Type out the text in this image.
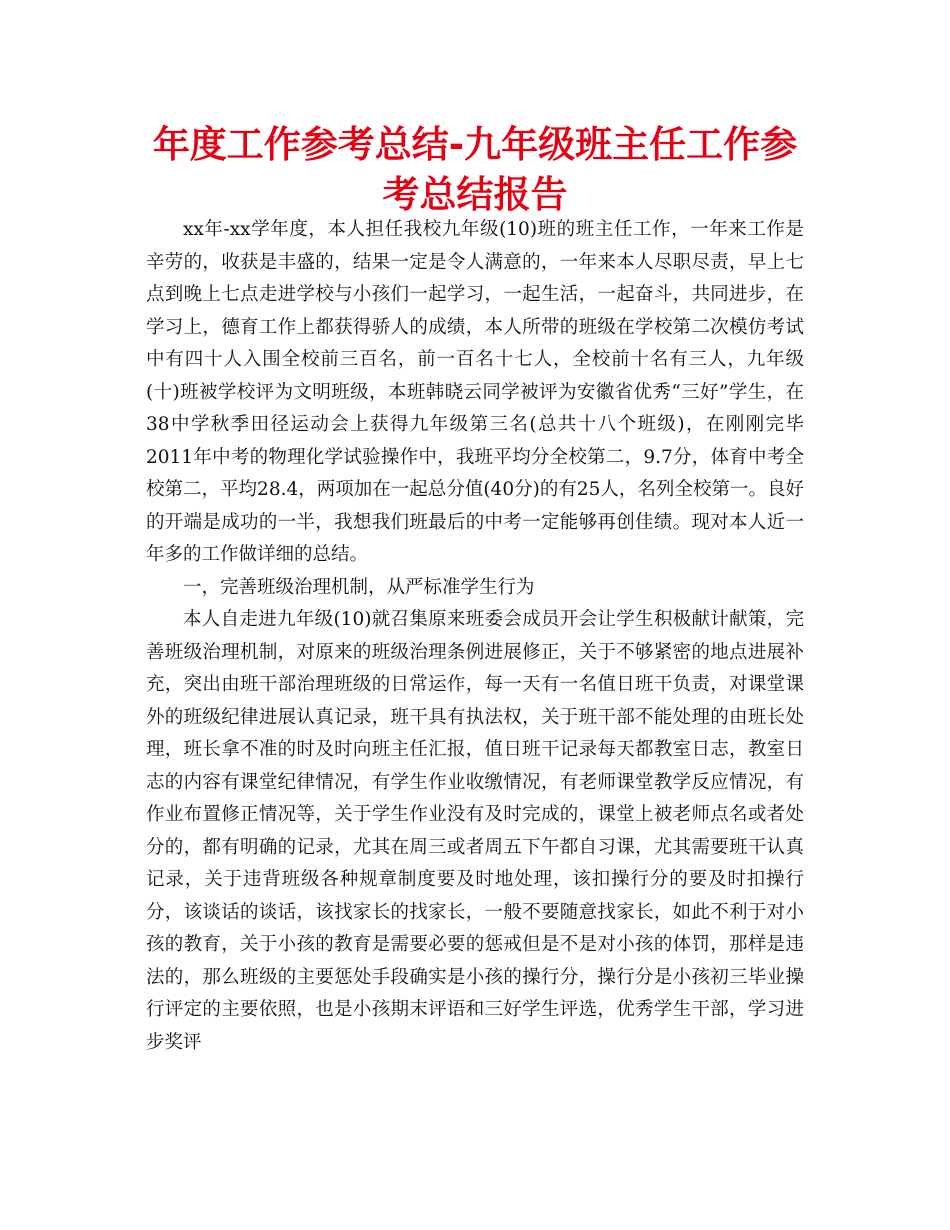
年度工作参考总结-九年级班主任工作参考总结报告

xx年-xx学年度，本人担任我校九年级(10)班的班主任工作，一年来工作是辛劳的，收获是丰盛的，结果一定是令人满意的，一年来本人尽职尽责，早上七点到晚上七点走进学校与小孩们一起学习，一起生活，一起奋斗，共同进步，在学习上，德育工作上都获得骄人的成绩，本人所带的班级在学校第二次模仿考试中有四十人入围全校前三百名，前一百名十七人，全校前十名有三人，九年级(十)班被学校评为文明班级，本班韩晓云同学被评为安徽省优秀“三好”学生，在38中学秋季田径运动会上获得九年级第三名(总共十八个班级)，在刚刚完毕2011年中考的物理化学试验操作中，我班平均分全校第二，9.7分，体育中考全校第二，平均28.4，两项加在一起总分值(40分)的有25人，名列全校第一。良好的开端是成功的一半，我想我们班最后的中考一定能够再创佳绩。现对本人近一年多的工作做详细的总结。

一，完善班级治理机制，从严标准学生行为

本人自走进九年级(10)就召集原来班委会成员开会让学生积极献计献策，完善班级治理机制，对原来的班级治理条例进展修正，关于不够紧密的地点进展补充，突出由班干部治理班级的日常运作，每一天有一名值日班干负责，对课堂课外的班级纪律进展认真记录，班干具有执法权，关于班干部不能处理的由班长处理，班长拿不准的时及时向班主任汇报，值日班干记录每天都教室日志，教室日志的内容有课堂纪律情况，有学生作业收缴情况，有老师课堂教学反应情况，有作业布置修正情况等，关于学生作业没有及时完成的，课堂上被老师点名或者处分的，都有明确的记录，尤其在周三或者周五下午都自习课，尤其需要班干认真记录，关于违背班级各种规章制度要及时地处理，该扣操行分的要及时扣操行分，该谈话的谈话，该找家长的找家长，一般不要随意找家长，如此不利于对小孩的教育，关于小孩的教育是需要必要的惩戒但是不是对小孩的体罚，那样是违法的，那么班级的主要惩处手段确实是小孩的操行分，操行分是小孩初三毕业操行评定的主要依照，也是小孩期末评语和三好学生评选，优秀学生干部，学习进步奖评
